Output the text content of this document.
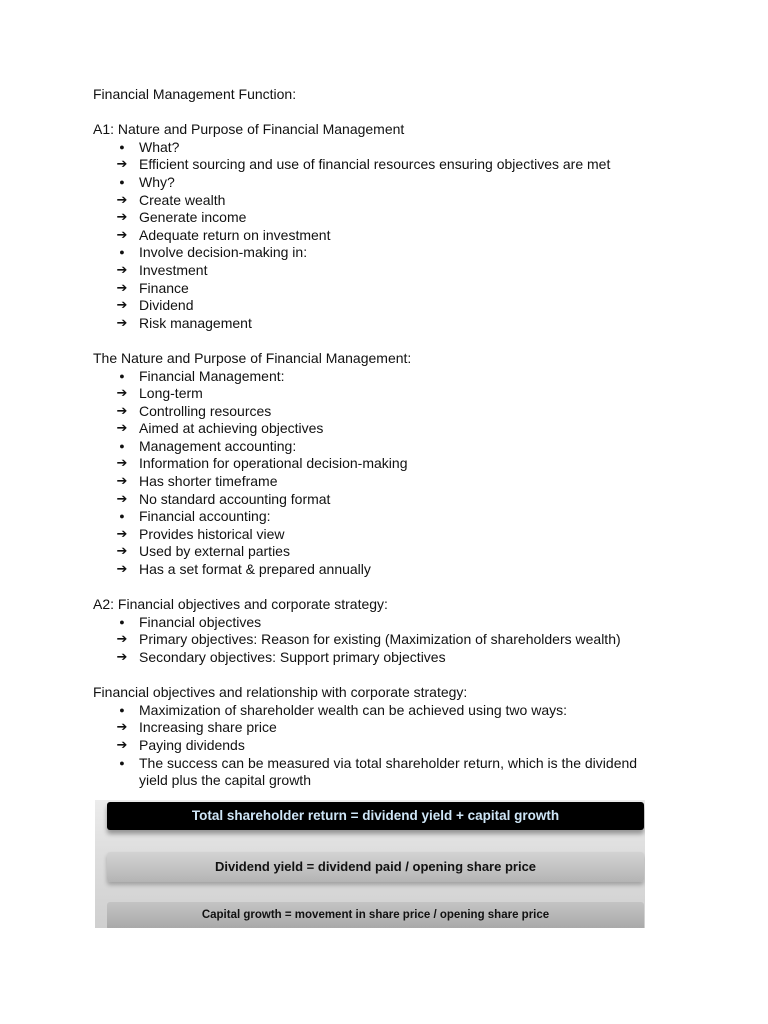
Financial Management Function:
A1: Nature and Purpose of Financial Management
●	What?
➔ Efficient sourcing and use of financial resources ensuring objectives are met
●	Why?
➔ Create wealth
➔ Generate income
➔ Adequate return on investment
●	Involve decision-making in:
➔ Investment
➔ Finance
➔ Dividend
➔ Risk management
The Nature and Purpose of Financial Management:
●	Financial Management:
➔ Long-term
➔ Controlling resources
➔ Aimed at achieving objectives
●	Management accounting:
➔ Information for operational decision-making
➔ Has shorter timeframe
➔ No standard accounting format
●	Financial accounting:
➔ Provides historical view
➔ Used by external parties
➔ Has a set format & prepared annually
A2: Financial objectives and corporate strategy:
●	Financial objectives
➔ Primary objectives: Reason for existing (Maximization of shareholders wealth)
➔ Secondary objectives: Support primary objectives
Financial objectives and relationship with corporate strategy:
●	Maximization of shareholder wealth can be achieved using two ways:
➔ Increasing share price
➔ Paying dividends
●	The success can be measured via total shareholder return, which is the dividend yield plus the capital growth
Total shareholder return = dividend yield + capital growth
Dividend yield = dividend paid / opening share price
Capital growth = movement in share price / opening share price
